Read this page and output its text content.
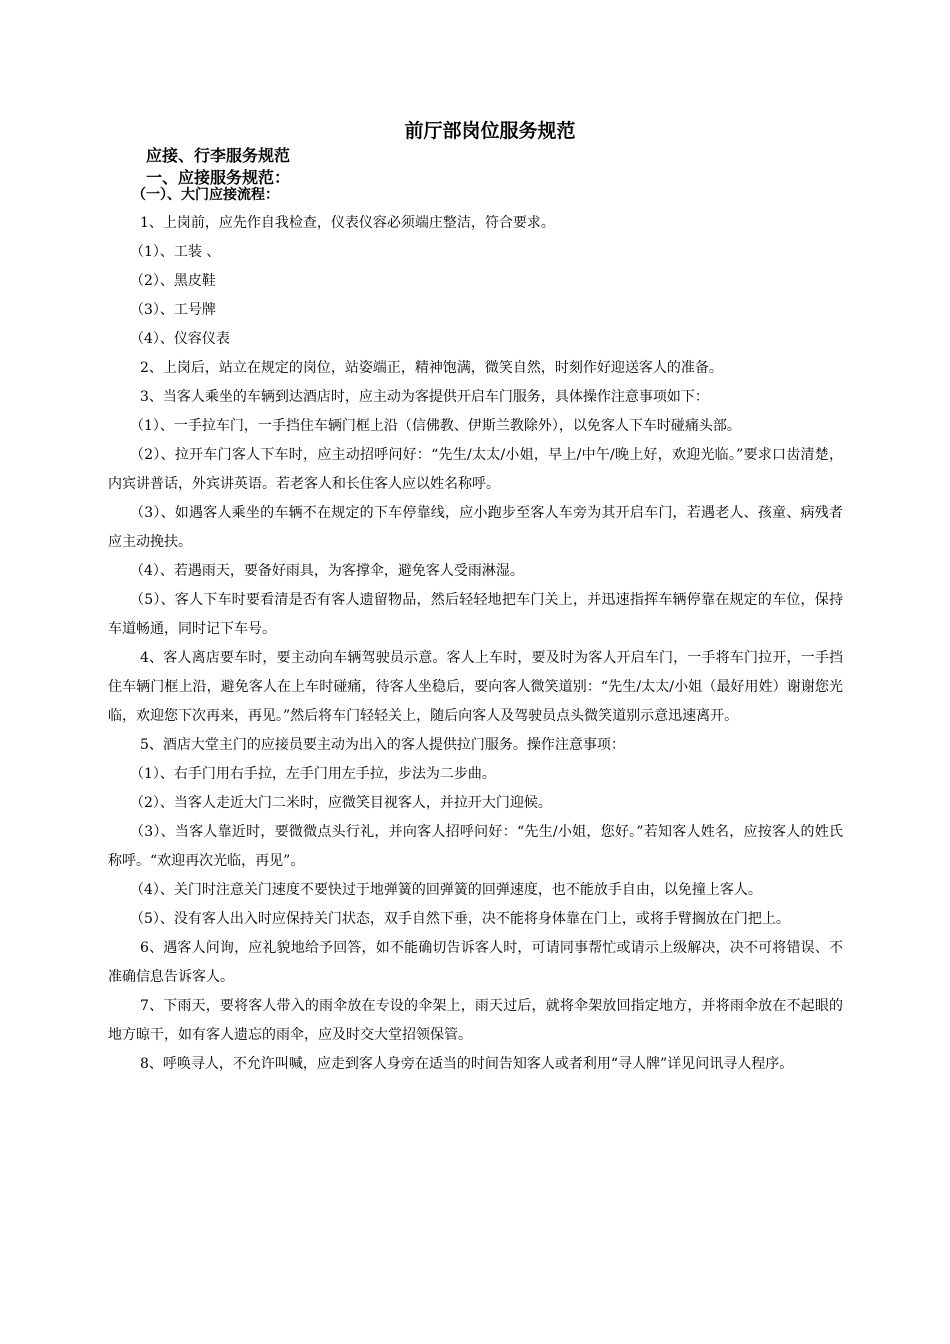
前厅部岗位服务规范
应接、行李服务规范
一、应接服务规范：
（一）、大门应接流程：

1、上岗前，应先作自我检查，仪表仪容必须端庄整洁，符合要求。

（1）、工装 、

（2）、黑皮鞋

（3）、工号牌

（4）、仪容仪表

2、上岗后，站立在规定的岗位，站姿端正，精神饱满，微笑自然，时刻作好迎送客人的准备。

3、当客人乘坐的车辆到达酒店时，应主动为客提供开启车门服务，具体操作注意事项如下：

（1）、一手拉车门，一手挡住车辆门框上沿（信佛教、伊斯兰教除外），以免客人下车时碰痛头部。

（2）、拉开车门客人下车时，应主动招呼问好：“先生/太太/小姐，早上/中午/晚上好，欢迎光临。”要求口齿清楚，内宾讲普话，外宾讲英语。若老客人和长住客人应以姓名称呼。

（3）、如遇客人乘坐的车辆不在规定的下车停靠线，应小跑步至客人车旁为其开启车门，若遇老人、孩童、病残者应主动挽扶。

（4）、若遇雨天，要备好雨具，为客撑伞，避免客人受雨淋湿。

（5）、客人下车时要看清是否有客人遗留物品，然后轻轻地把车门关上，并迅速指挥车辆停靠在规定的车位，保持车道畅通，同时记下车号。

4、客人离店要车时，要主动向车辆驾驶员示意。客人上车时，要及时为客人开启车门，一手将车门拉开，一手挡住车辆门框上沿，避免客人在上车时碰痛，待客人坐稳后，要向客人微笑道别：“先生/太太/小姐（最好用姓）谢谢您光临，欢迎您下次再来，再见。”然后将车门轻轻关上，随后向客人及驾驶员点头微笑道别示意迅速离开。

5、酒店大堂主门的应接员要主动为出入的客人提供拉门服务。操作注意事项：

（1）、右手门用右手拉，左手门用左手拉，步法为二步曲。

（2）、当客人走近大门二米时，应微笑目视客人，并拉开大门迎候。

（3）、当客人靠近时，要微微点头行礼，并向客人招呼问好：“先生/小姐，您好。”若知客人姓名，应按客人的姓氏称呼。“欢迎再次光临，再见”。

（4）、关门时注意关门速度不要快过于地弹簧的回弹簧的回弹速度，也不能放手自由，以免撞上客人。

（5）、没有客人出入时应保持关门状态，双手自然下垂，决不能将身体靠在门上，或将手臂搁放在门把上。

6、遇客人问询，应礼貌地给予回答，如不能确切告诉客人时，可请同事帮忙或请示上级解决，决不可将错误、不准确信息告诉客人。

7、下雨天，要将客人带入的雨伞放在专设的伞架上，雨天过后，就将伞架放回指定地方，并将雨伞放在不起眼的地方晾干，如有客人遗忘的雨伞，应及时交大堂招领保管。

8、呼唤寻人，不允许叫喊，应走到客人身旁在适当的时间告知客人或者利用“寻人牌”详见问讯寻人程序。
